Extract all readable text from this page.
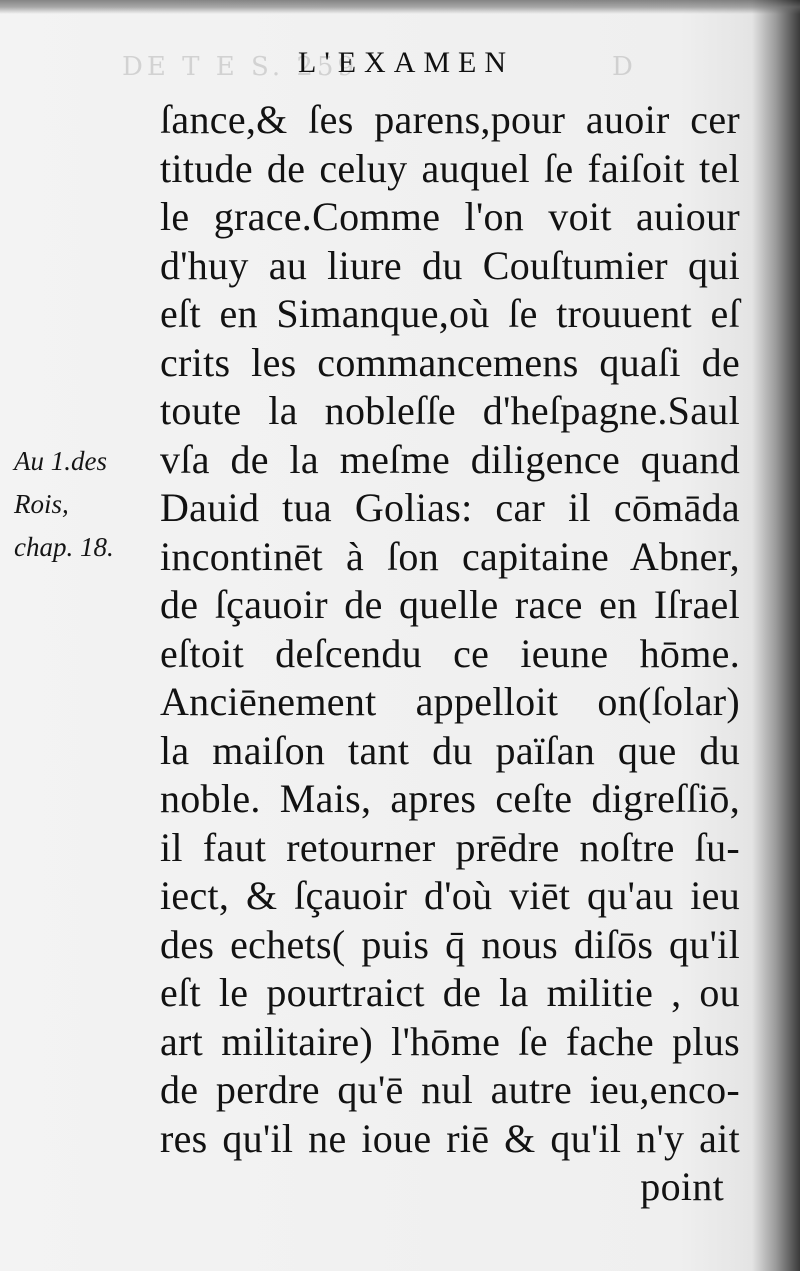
DE T E S. 259	D
L'EXAMEN
Au 1.des
Rois,
chap. 18.
ſance,& ſes parens,pour auoir cer
titude de celuy auquel ſe faiſoit tel
le grace.Comme l'on voit auiour
d'huy au liure du Couſtumier qui
eſt en Simanque,où ſe trouuent eſ
crits les commancemens quaſi de
toute la nobleſſe d'heſpagne.Saul
vſa de la meſme diligence quand
Dauid tua Golias: car il cōmāda
incontinēt à ſon capitaine Abner,
de ſçauoir de quelle race en Iſrael
eſtoit deſcendu ce ieune hōme.
Anciēnement appelloit on(ſolar)
la maiſon tant du païſan que du
noble. Mais, apres ceſte digreſſiō,
il faut retourner prēdre noſtre ſu-
iect, & ſçauoir d'où viēt qu'au ieu
des echets( puis q̄ nous diſōs qu'il
eſt le pourtraict de la militie , ou
art militaire) l'hōme ſe fache plus
de perdre qu'ē nul autre ieu,enco-
res qu'il ne ioue riē & qu'il n'y ait
point
